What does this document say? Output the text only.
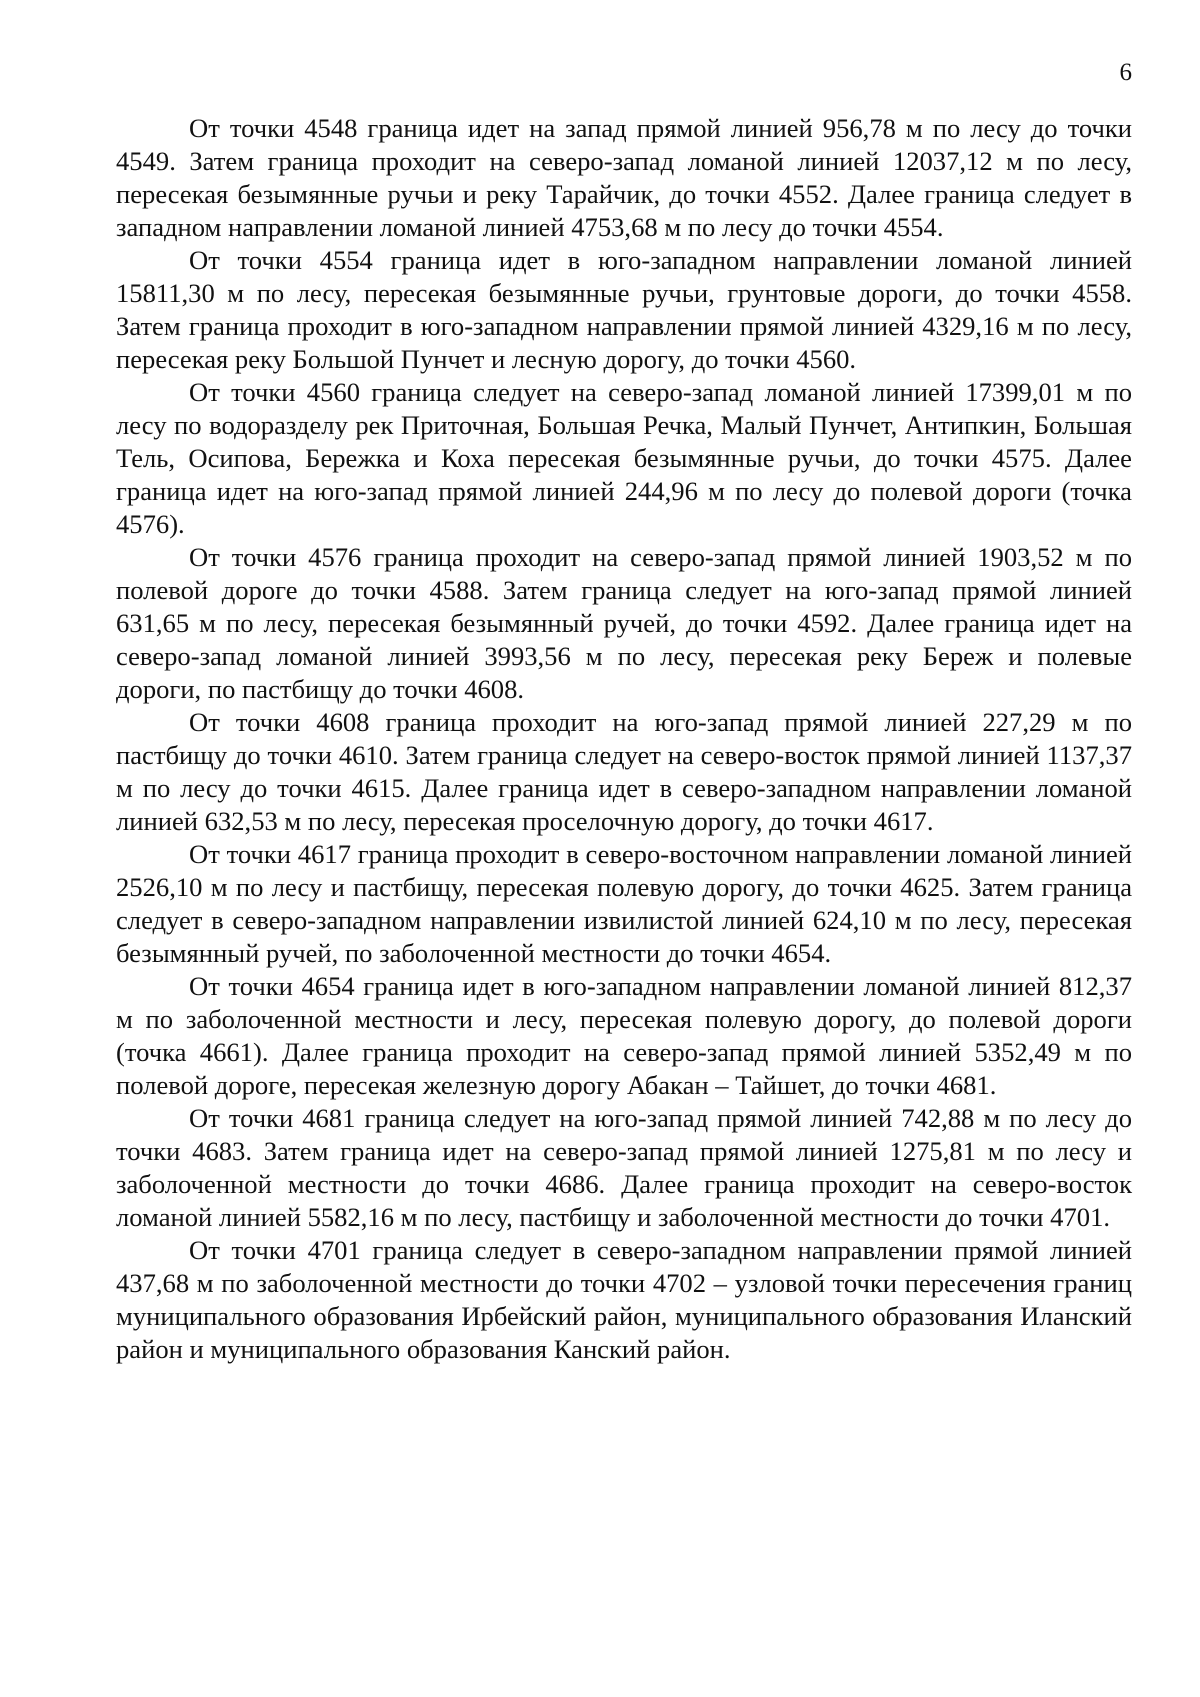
6

От точки 4548 граница идет на запад прямой линией 956,78 м по лесу до точки 4549. Затем граница проходит на северо-запад ломаной линией 12037,12 м по лесу, пересекая безымянные ручьи и реку Тарайчик, до точки 4552. Далее граница следует в западном направлении ломаной линией 4753,68 м по лесу до точки 4554.

От точки 4554 граница идет в юго-западном направлении ломаной линией 15811,30 м по лесу, пересекая безымянные ручьи, грунтовые дороги, до точки 4558. Затем граница проходит в юго-западном направлении прямой линией 4329,16 м по лесу, пересекая реку Большой Пунчет и лесную дорогу, до точки 4560.

От точки 4560 граница следует на северо-запад ломаной линией 17399,01 м по лесу по водоразделу рек Приточная, Большая Речка, Малый Пунчет, Антипкин, Большая Тель, Осипова, Бережка и Коха пересекая безымянные ручьи, до точки 4575. Далее граница идет на юго-запад прямой линией 244,96 м по лесу до полевой дороги (точка 4576).

От точки 4576 граница проходит на северо-запад прямой линией 1903,52 м по полевой дороге до точки 4588. Затем граница следует на юго-запад прямой линией 631,65 м по лесу, пересекая безымянный ручей, до точки 4592. Далее граница идет на северо-запад ломаной линией 3993,56 м по лесу, пересекая реку Береж и полевые дороги, по пастбищу до точки 4608.

От точки 4608 граница проходит на юго-запад прямой линией 227,29 м по пастбищу до точки 4610. Затем граница следует на северо-восток прямой линией 1137,37 м по лесу до точки 4615. Далее граница идет в северо-западном направлении ломаной линией 632,53 м по лесу, пересекая проселочную дорогу, до точки 4617.

От точки 4617 граница проходит в северо-восточном направлении ломаной линией 2526,10 м по лесу и пастбищу, пересекая полевую дорогу, до точки 4625. Затем граница следует в северо-западном направлении извилистой линией 624,10 м по лесу, пересекая безымянный ручей, по заболоченной местности до точки 4654.

От точки 4654 граница идет в юго-западном направлении ломаной линией 812,37 м по заболоченной местности и лесу, пересекая полевую дорогу, до полевой дороги (точка 4661). Далее граница проходит на северо-запад прямой линией 5352,49 м по полевой дороге, пересекая железную дорогу Абакан – Тайшет, до точки 4681.

От точки 4681 граница следует на юго-запад прямой линией 742,88 м по лесу до точки 4683. Затем граница идет на северо-запад прямой линией 1275,81 м по лесу и заболоченной местности до точки 4686. Далее граница проходит на северо-восток ломаной линией 5582,16 м по лесу, пастбищу и заболоченной местности до точки 4701.

От точки 4701 граница следует в северо-западном направлении прямой линией 437,68 м по заболоченной местности до точки 4702 – узловой точки пересечения границ муниципального образования Ирбейский район, муниципального образования Иланский район и муниципального образования Канский район.
